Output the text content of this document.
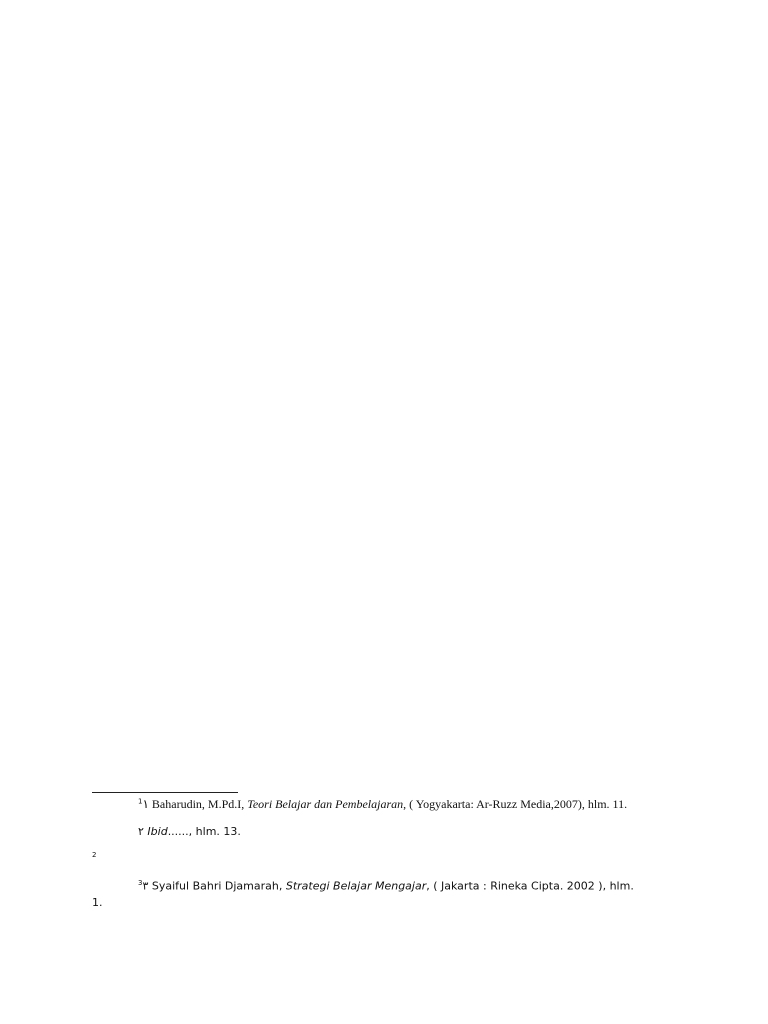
$^1$١ Baharudin, M.Pd.I, Teori Belajar dan Pembelajaran, ( Yogyakarta: Ar-Ruzz Media,2007), hlm. 11.
٢ Ibid......, hlm. 13.
2
$^3$٣ Syaiful Bahri Djamarah, Strategi Belajar Mengajar, ( Jakarta : Rineka Cipta. 2002 ), hlm.
1.
